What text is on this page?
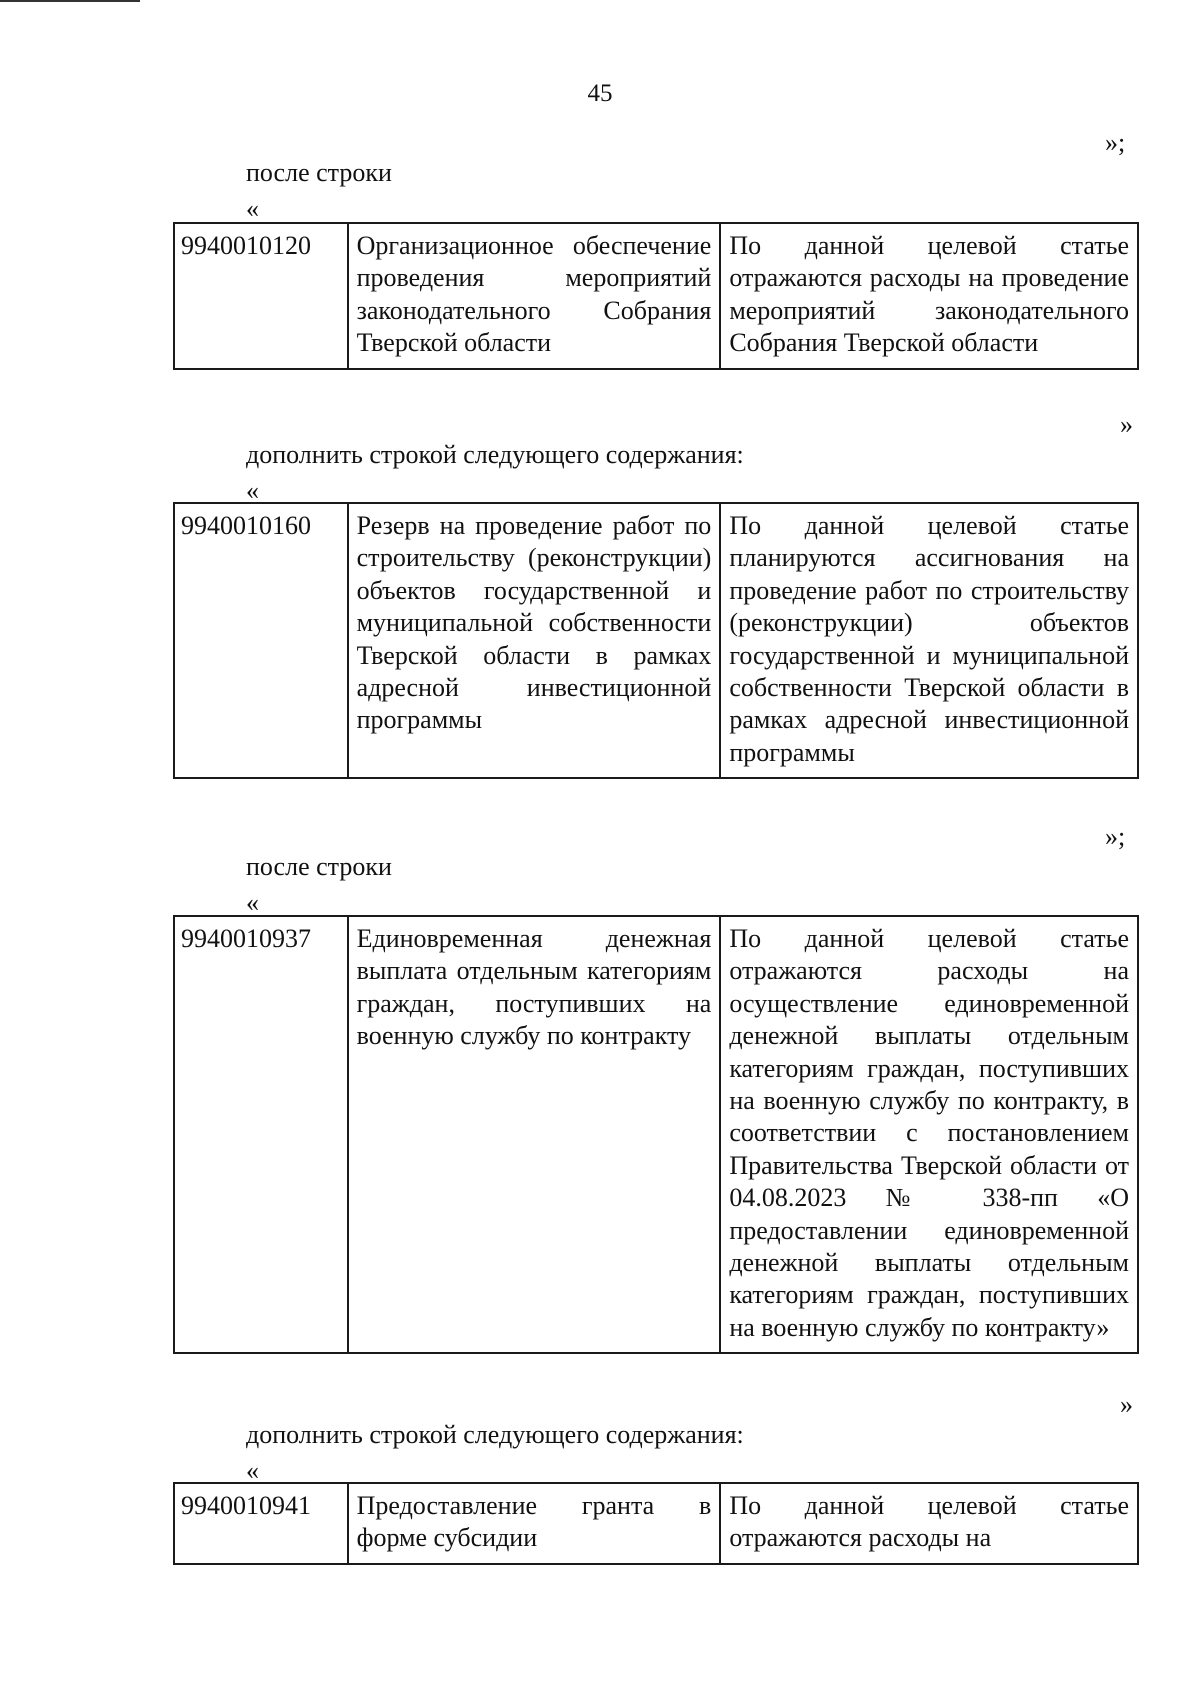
45
»;
после строки
«
9940010120	Организационное обеспечение проведения мероприятий законодательного Собрания Тверской области	По данной целевой статье отражаются расходы на проведение мероприятий законодательного Собрания Тверской области
»
дополнить строкой следующего содержания:
«
9940010160	Резерв на проведение работ по строительству (реконструкции) объектов государственной и муниципальной собственности Тверской области в рамках адресной инвестиционной программы	По данной целевой статье планируются ассигнования на проведение работ по строительству (реконструкции) объектов государственной и муниципальной собственности Тверской области в рамках адресной инвестиционной программы
»;
после строки
«
9940010937	Единовременная денежная выплата отдельным категориям граждан, поступивших на военную службу по контракту	По данной целевой статье отражаются расходы на осуществление единовременной денежной выплаты отдельным категориям граждан, поступивших на военную службу по контракту, в соответствии с постановлением Правительства Тверской области от 04.08.2023 № 338-пп «О предоставлении единовременной денежной выплаты отдельным категориям граждан, поступивших на военную службу по контракту»
»
дополнить строкой следующего содержания:
«
9940010941	Предоставление гранта в форме субсидии	По данной целевой статье отражаются расходы на
